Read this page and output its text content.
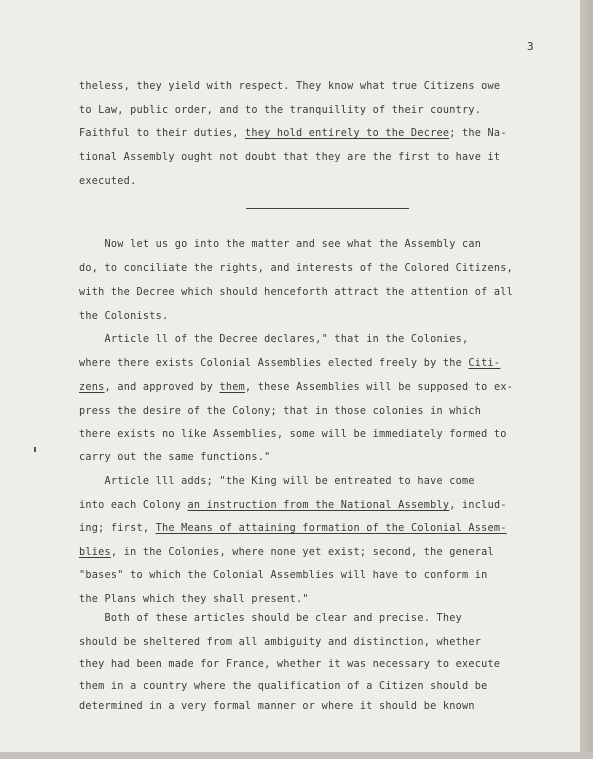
3
theless, they yield with respect. They know what true Citizens owe
to Law, public order, and to the tranquillity of their country.
Faithful to their duties, they hold entirely to the Decree; the Na-
tional Assembly ought not doubt that they are the first to have it
executed.
Now let us go into the matter and see what the Assembly can
do, to conciliate the rights, and interests of the Colored Citizens,
with the Decree which should henceforth attract the attention of all
the Colonists.
Article ll of the Decree declares," that in the Colonies,
where there exists Colonial Assemblies elected freely by the Citi-
zens, and approved by them, these Assemblies will be supposed to ex-
press the desire of the Colony; that in those colonies in which
there exists no like Assemblies, some will be immediately formed to
carry out the same functions."
Article lll adds; "the King will be entreated to have come
into each Colony an instruction from the National Assembly, includ-
ing; first, The Means of attaining formation of the Colonial Assem-
blies, in the Colonies, where none yet exist; second, the general
"bases" to which the Colonial Assemblies will have to conform in
the Plans which they shall present."
Both of these articles should be clear and precise. They
should be sheltered from all ambiguity and distinction, whether
they had been made for France, whether it was necessary to execute
them in a country where the qualification of a Citizen should be
determined in a very formal manner or where it should be known
